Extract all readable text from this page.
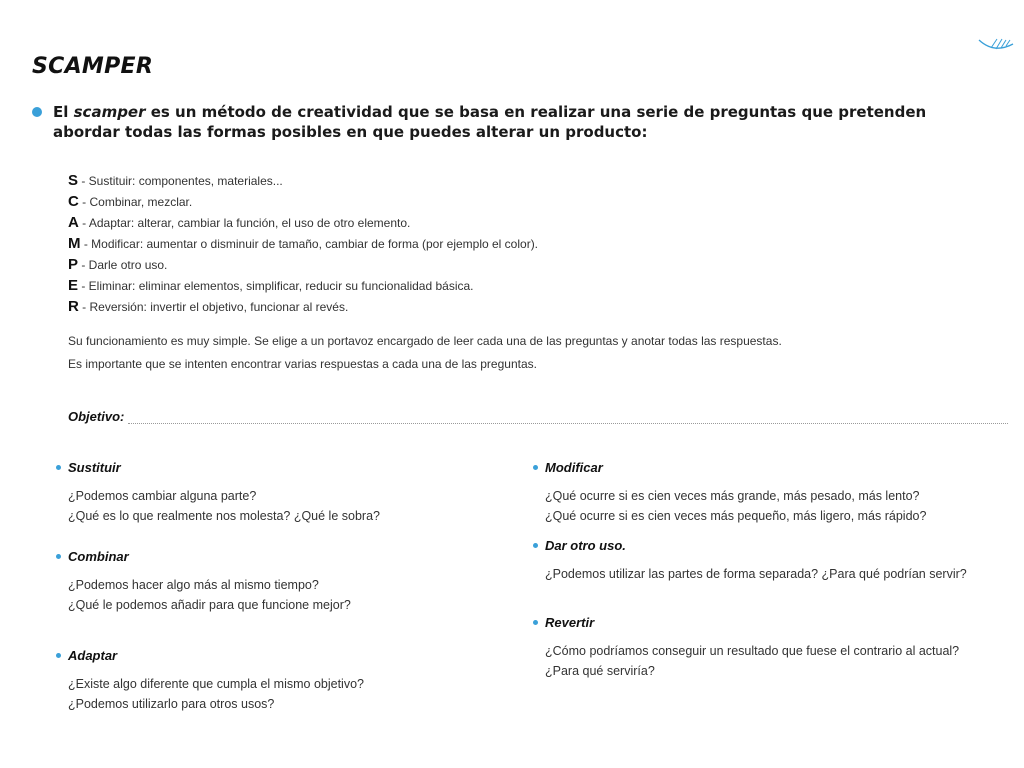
SCAMPER

El scamper es un método de creatividad que se basa en realizar una serie de preguntas que pretenden abordar todas las formas posibles en que puedes alterar un producto:

S - Sustituir: componentes, materiales...
C - Combinar, mezclar.
A - Adaptar: alterar, cambiar la función, el uso de otro elemento.
M - Modificar: aumentar o disminuir de tamaño, cambiar de forma (por ejemplo el color).
P - Darle otro uso.
E - Eliminar: eliminar elementos, simplificar, reducir su funcionalidad básica.
R - Reversión: invertir el objetivo, funcionar al revés.
Su funcionamiento es muy simple. Se elige a un portavoz encargado de leer cada una de las preguntas y anotar todas las respuestas.
Es importante que se intenten encontrar varias respuestas a cada una de las preguntas.
Objetivo:
Sustituir
¿Podemos cambiar alguna parte?
¿Qué es lo que realmente nos molesta? ¿Qué le sobra?
Combinar
¿Podemos hacer algo más al mismo tiempo?
¿Qué le podemos añadir para que funcione mejor?
Adaptar
¿Existe algo diferente que cumpla el mismo objetivo?
¿Podemos utilizarlo para otros usos?
Modificar
¿Qué ocurre si es cien veces más grande, más pesado, más lento?
¿Qué ocurre si es cien veces más pequeño, más ligero, más rápido?
Dar otro uso.
¿Podemos utilizar las partes de forma separada? ¿Para qué podrían servir?
Revertir
¿Cómo podríamos conseguir un resultado que fuese el contrario al actual? ¿Para qué serviría?
